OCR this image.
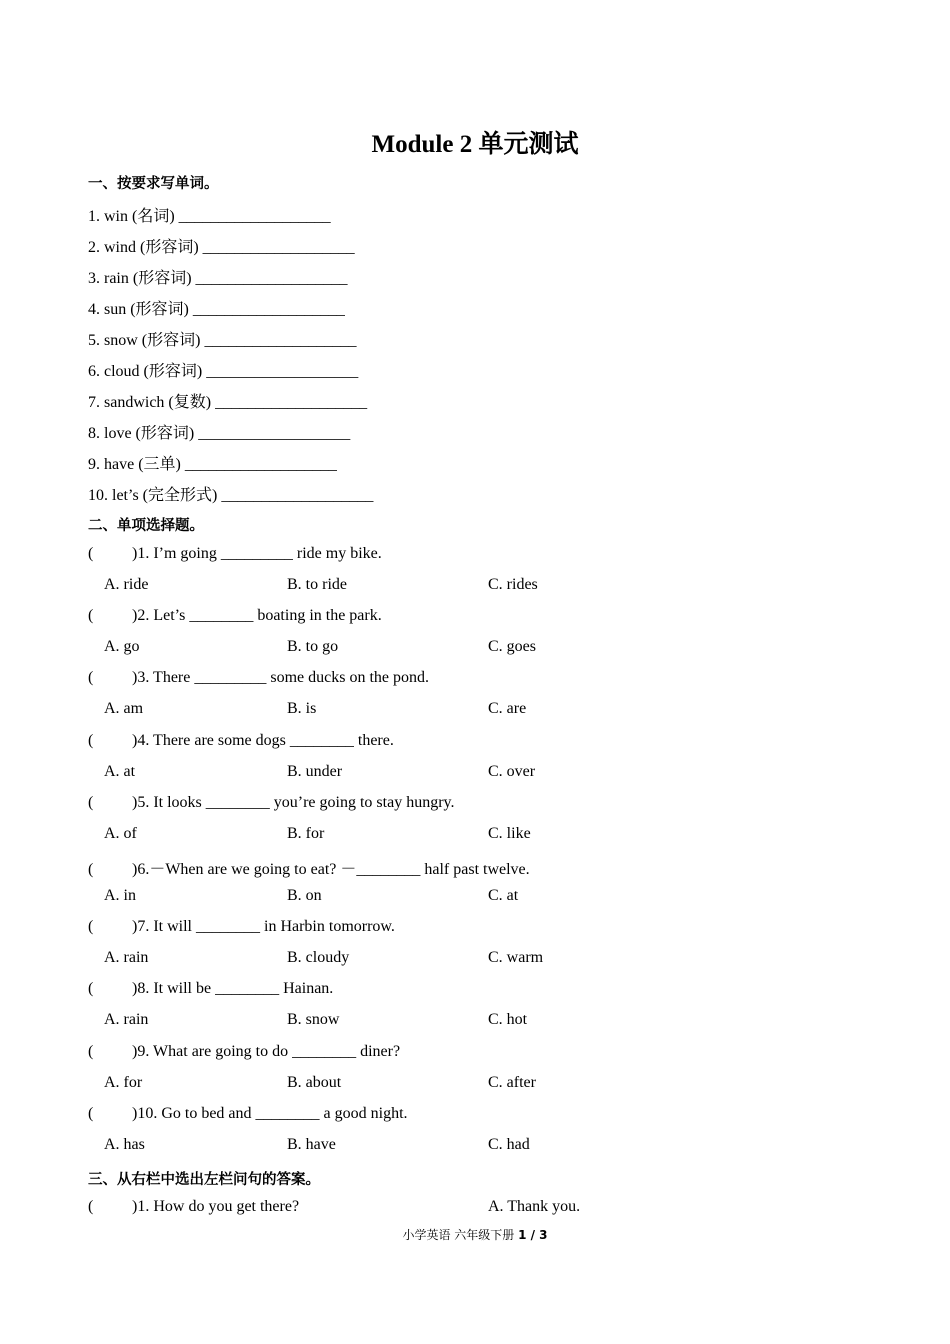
Module 2 单元测试
一、按要求写单词。
1. win (名词) ___________________
2. wind (形容词) ___________________
3. rain (形容词) ___________________
4. sun (形容词) ___________________
5. snow (形容词) ___________________
6. cloud (形容词) ___________________
7. sandwich (复数) ___________________
8. love (形容词) ___________________
9. have (三单) ___________________
10. let’s (完全形式) ___________________
二、单项选择题。
( )1. I’m going _________ ride my bike.
A. ride	B. to ride	C. rides
( )2. Let’s ________ boating in the park.
A. go	B. to go	C. goes
( )3. There _________ some ducks on the pond.
A. am	B. is	C. are
( )4. There are some dogs ________ there.
A. at	B. under	C. over
( )5. It looks ________ you’re going to stay hungry.
A. of	B. for	C. like
( )6.－When are we going to eat? －________ half past twelve.
A. in	B. on	C. at
( )7. It will ________ in Harbin tomorrow.
A. rain	B. cloudy	C. warm
( )8. It will be ________ Hainan.
A. rain	B. snow	C. hot
( )9. What are going to do ________ diner?
A. for	B. about	C. after
( )10. Go to bed and ________ a good night.
A. has	B. have	C. had
三、从右栏中选出左栏问句的答案。
( )1. How do you get there?	A. Thank you.
小学英语 六年级下册 1 / 3
